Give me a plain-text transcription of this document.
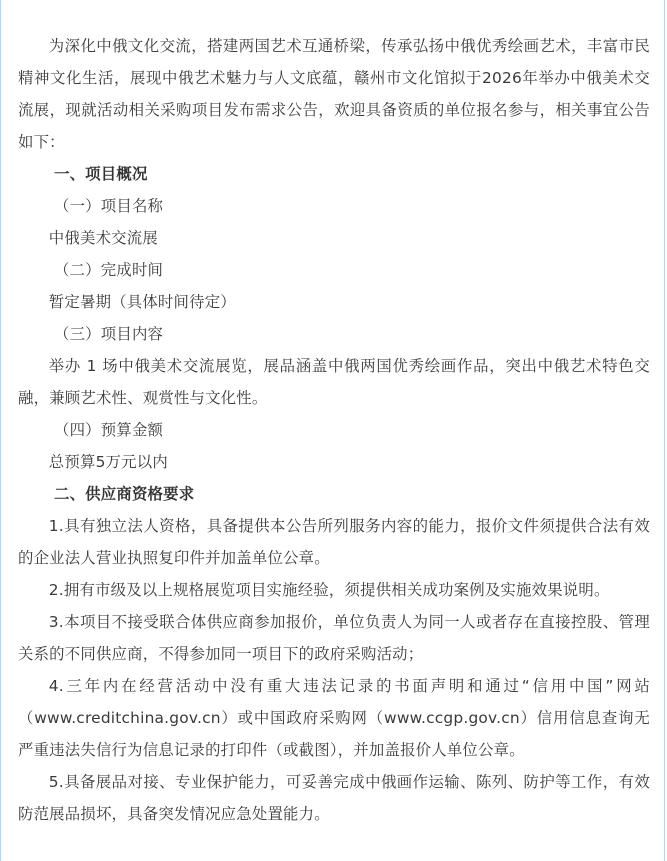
为深化中俄文化交流，搭建两国艺术互通桥梁，传承弘扬中俄优秀绘画艺术，丰富市民精神文化生活，展现中俄艺术魅力与人文底蕴，赣州市文化馆拟于2026年举办中俄美术交流展，现就活动相关采购项目发布需求公告，欢迎具备资质的单位报名参与，相关事宜公告如下：

一、项目概况

（一）项目名称

中俄美术交流展

（二）完成时间

暂定暑期（具体时间待定）

（三）项目内容

举办 1 场中俄美术交流展览，展品涵盖中俄两国优秀绘画作品，突出中俄艺术特色交融，兼顾艺术性、观赏性与文化性。

（四）预算金额

总预算5万元以内

二、供应商资格要求

1.具有独立法人资格，具备提供本公告所列服务内容的能力，报价文件须提供合法有效的企业法人营业执照复印件并加盖单位公章。

2.拥有市级及以上规格展览项目实施经验，须提供相关成功案例及实施效果说明。

3.本项目不接受联合体供应商参加报价，单位负责人为同一人或者存在直接控股、管理关系的不同供应商，不得参加同一项目下的政府采购活动；

4.三年内在经营活动中没有重大违法记录的书面声明和通过“信用中国”网站（www.creditchina.gov.cn）或中国政府采购网（www.ccgp.gov.cn）信用信息查询无严重违法失信行为信息记录的打印件（或截图），并加盖报价人单位公章。

5.具备展品对接、专业保护能力，可妥善完成中俄画作运输、陈列、防护等工作，有效防范展品损坏，具备突发情况应急处置能力。
